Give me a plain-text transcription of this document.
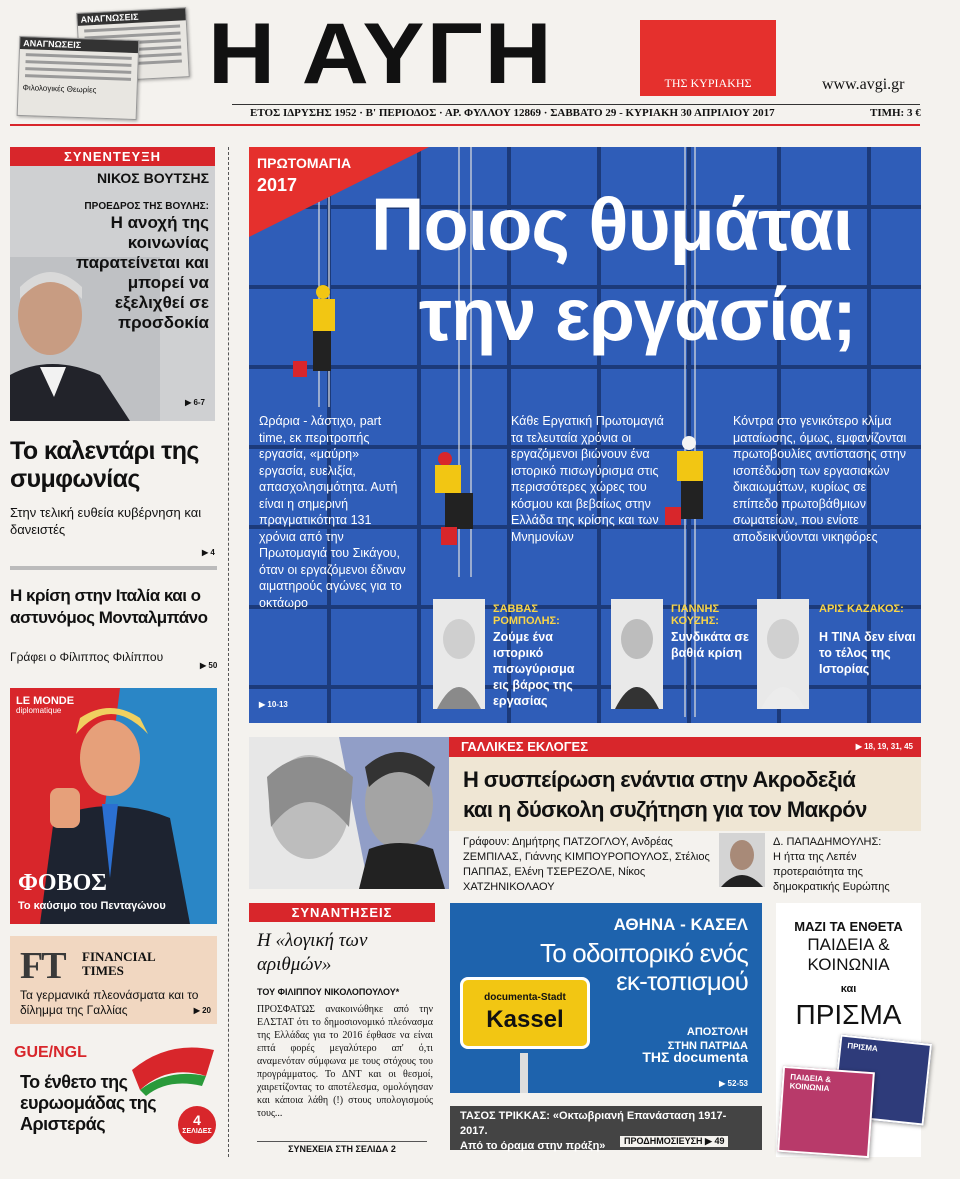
ΑΝΑΓΝΩΣΕΙΣ
ΑΝΑΓΝΩΣΕΙΣ
Φιλολογικές Θεωρίες	Η ΑΥΓΗ	ΤΗΣ ΚΥΡΙΑΚΗΣ	www.avgi.gr
ΕΤΟΣ ΙΔΡΥΣΗΣ 1952 · Β' ΠΕΡΙΟΔΟΣ · ΑΡ. ΦΥΛΛΟΥ 12869 · ΣΑΒΒΑΤΟ 29 - ΚΥΡΙΑΚΗ 30 ΑΠΡΙΛΙΟΥ 2017	ΤΙΜΗ: 3 €
ΣΥΝΕΝΤΕΥΞΗ
ΝΙΚΟΣ ΒΟΥΤΣΗΣ
ΠΡΟΕΔΡΟΣ ΤΗΣ ΒΟΥΛΗΣ:
Η ανοχή της κοινωνίας παρατείνεται και μπορεί να εξελιχθεί σε προσδοκία
▶ 6-7
Το καλεντάρι της συμφωνίας
Στην τελική ευθεία κυβέρνηση και δανειστές
▶ 4
Η κρίση στην Ιταλία και ο αστυνόμος Μονταλμπάνο
Γράφει ο Φίλιππος Φιλίππου
▶ 50
LE MONDE
diplomatique
ΦΟΒΟΣ
Το καύσιμο του Πενταγώνου
FT FINANCIAL
TIMES
Τα γερμανικά πλεονάσματα και το δίλημμα της Γαλλίας	▶ 20
GUE/NGL
Το ένθετο της ευρωομάδας της Αριστεράς	4
ΣΕΛΙΔΕΣ
ΠΡΩΤΟΜΑΓΙΑ
2017 Ποιος θυμάται
την εργασία;
Ωράρια - λάστιχο, part time, εκ περιτροπής εργασία, «μαύρη» εργασία, ευελιξία, απασχολησιμότητα. Αυτή είναι η σημερινή πραγματικότητα 131 χρόνια από την Πρωτομαγιά του Σικάγου, όταν οι εργαζόμενοι έδιναν αιματηρούς αγώνες για το οκτάωρο
Κάθε Εργατική Πρωτομαγιά τα τελευταία χρόνια οι εργαζόμενοι βιώνουν ένα ιστορικό πισωγύρισμα στις περισσότερες χώρες του κόσμου και βεβαίως στην Ελλάδα της κρίσης και των Μνημονίων
Κόντρα στο γενικότερο κλίμα ματαίωσης, όμως, εμφανίζονται πρωτοβουλίες αντίστασης στην ισοπέδωση των εργασιακών δικαιωμάτων, κυρίως σε επίπεδο πρωτοβάθμιων σωματείων, που ενίοτε αποδεικνύονται νικηφόρες
▶ 10-13
ΣΑΒΒΑΣ ΡΟΜΠΟΛΗΣ:
Ζούμε ένα ιστορικό πισωγύρισμα εις βάρος της εργασίας
ΓΙΑΝΝΗΣ ΚΟΥΖΗΣ:
Συνδικάτα σε βαθιά κρίση
ΑΡΙΣ ΚΑΖΑΚΟΣ:
Η ΤΙΝΑ δεν είναι το τέλος της Ιστορίας
ΓΑΛΛΙΚΕΣ ΕΚΛΟΓΕΣ	▶ 18, 19, 31, 45
Η συσπείρωση ενάντια στην Ακροδεξιά
και η δύσκολη συζήτηση για τον Μακρόν
Γράφουν: Δημήτρης ΠΑΤΖΟΓΛΟΥ, Ανδρέας ΖΕΜΠΙΛΑΣ, Γιάννης ΚΙΜΠΟΥΡΟΠΟΥΛΟΣ, Στέλιος ΠΑΠΠΑΣ, Ελένη ΤΣΕΡΕΖΟΛΕ, Νίκος ΧΑΤΖΗΝΙΚΟΛΑΟΥ
Δ. ΠΑΠΑΔΗΜΟΥΛΗΣ:
Η ήττα της Λεπέν προτεραιότητα της δημοκρατικής Ευρώπης
ΣΥΝΑΝΤΗΣΕΙΣ
Η «λογική των αριθμών»
ΤΟΥ ΦΙΛΙΠΠΟΥ ΝΙΚΟΛΟΠΟΥΛΟΥ*
ΠΡΟΣΦΑΤΩΣ ανακοινώθηκε από την ΕΛΣΤΑΤ ότι το δημοσιονομικό πλεόνασμα της Ελλάδας για το 2016 έφθασε να είναι επτά φορές μεγαλύτερο απ' ό,τι αναμενόταν σύμφωνα με τους στόχους του προγράμματος. Το ΔΝΤ και οι θεσμοί, χαιρετίζοντας το αποτέλεσμα, ομολόγησαν και κάποια λάθη (!) στους υπολογισμούς τους...
ΣΥΝΕΧΕΙΑ ΣΤΗ ΣΕΛΙΔΑ 2
ΑΘΗΝΑ - ΚΑΣΕΛ
Το οδοιπορικό ενός εκ-τοπισμού
documenta-Stadt
Kassel	ΑΠΟΣΤΟΛΗ
ΣΤΗΝ ΠΑΤΡΙΔΑ
ΤΗΣ documenta
▶ 52-53
ΤΑΣΟΣ ΤΡΙΚΚΑΣ: «Οκτωβριανή Επανάσταση 1917-2017.
Από το όραμα στην πράξη»	ΠΡΟΔΗΜΟΣΙΕΥΣΗ ▶ 49
ΜΑΖΙ ΤΑ ΕΝΘΕΤΑ
ΠΑΙΔΕΙΑ &
ΚΟΙΝΩΝΙΑ
και
ΠΡΙΣΜΑ
ΠΡΙΣΜΑ
ΠΑΙΔΕΙΑ & ΚΟΙΝΩΝΙΑ
